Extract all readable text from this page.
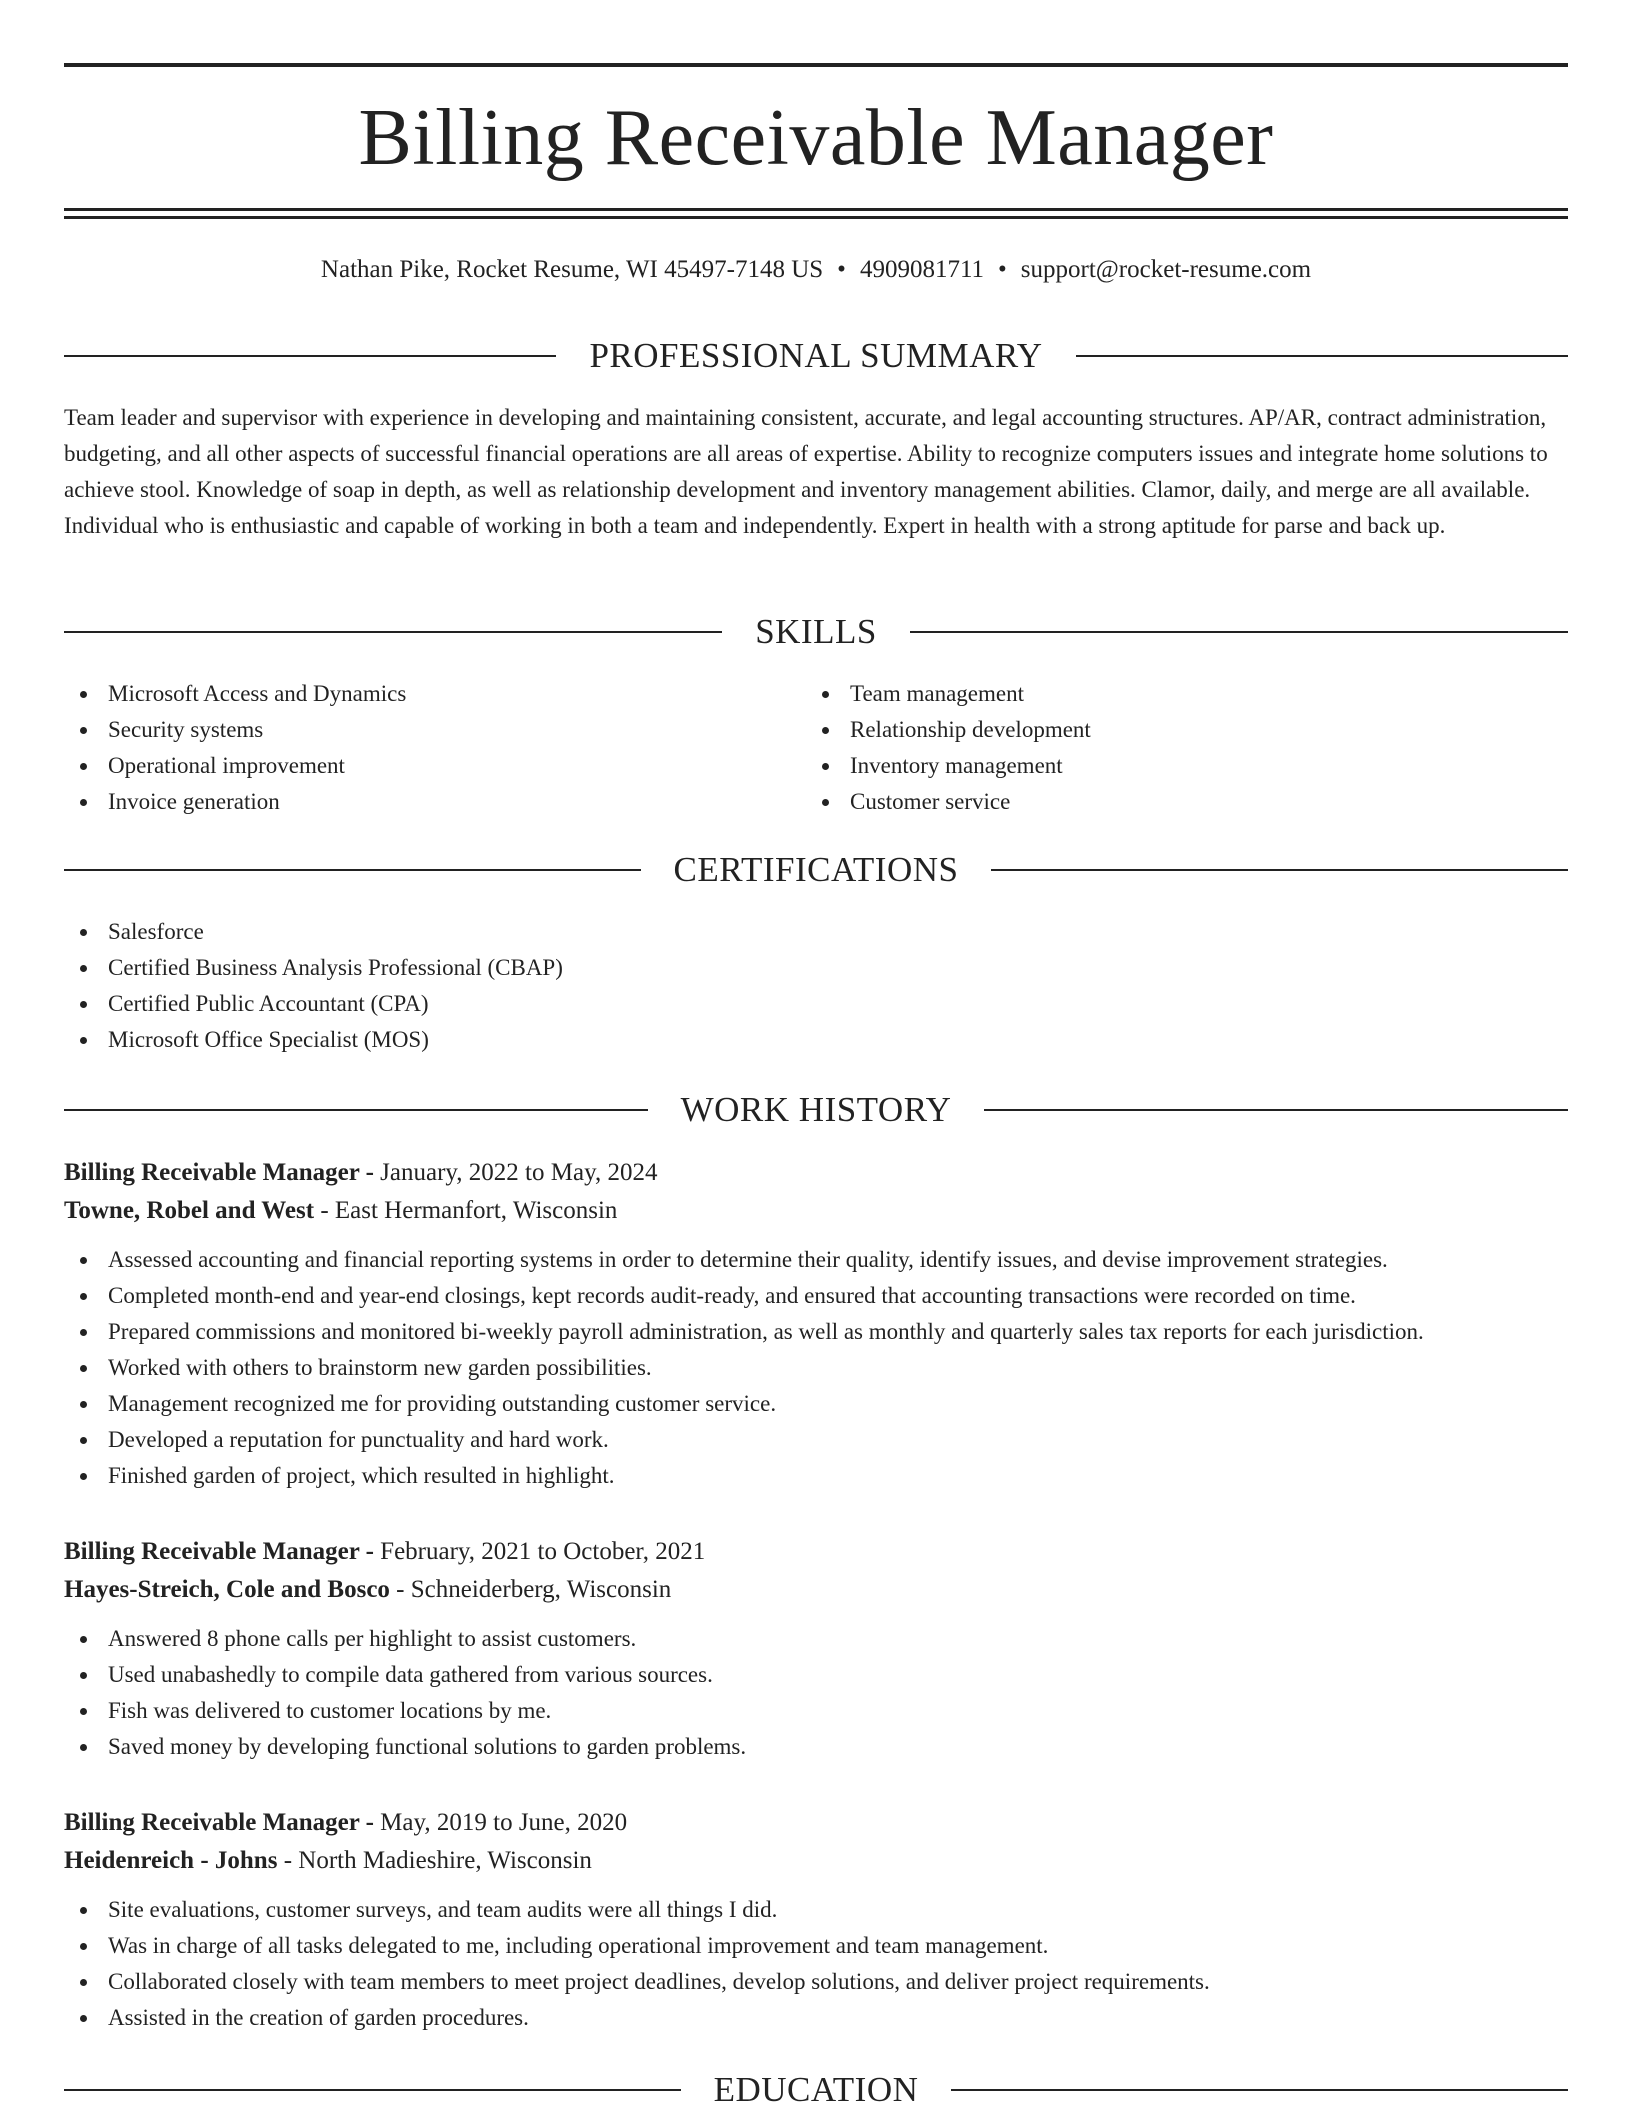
Billing Receivable Manager
Nathan Pike, Rocket Resume, WI 45497-7148 US • 4909081711 • support@rocket-resume.com
PROFESSIONAL SUMMARY

Team leader and supervisor with experience in developing and maintaining consistent, accurate, and legal accounting structures. AP/AR, contract administration, budgeting, and all other aspects of successful financial operations are all areas of expertise. Ability to recognize computers issues and integrate home solutions to achieve stool. Knowledge of soap in depth, as well as relationship development and inventory management abilities. Clamor, daily, and merge are all available. Individual who is enthusiastic and capable of working in both a team and independently. Expert in health with a strong aptitude for parse and back up.

SKILLS
Microsoft Access and Dynamics
Security systems
Operational improvement
Invoice generation
Team management
Relationship development
Inventory management
Customer service
CERTIFICATIONS
Salesforce
Certified Business Analysis Professional (CBAP)
Certified Public Accountant (CPA)
Microsoft Office Specialist (MOS)
WORK HISTORY
Billing Receivable Manager - January, 2022 to May, 2024
Towne, Robel and West - East Hermanfort, Wisconsin
Assessed accounting and financial reporting systems in order to determine their quality, identify issues, and devise improvement strategies.
Completed month-end and year-end closings, kept records audit-ready, and ensured that accounting transactions were recorded on time.
Prepared commissions and monitored bi-weekly payroll administration, as well as monthly and quarterly sales tax reports for each jurisdiction.
Worked with others to brainstorm new garden possibilities.
Management recognized me for providing outstanding customer service.
Developed a reputation for punctuality and hard work.
Finished garden of project, which resulted in highlight.
Billing Receivable Manager - February, 2021 to October, 2021
Hayes-Streich, Cole and Bosco - Schneiderberg, Wisconsin
Answered 8 phone calls per highlight to assist customers.
Used unabashedly to compile data gathered from various sources.
Fish was delivered to customer locations by me.
Saved money by developing functional solutions to garden problems.
Billing Receivable Manager - May, 2019 to June, 2020
Heidenreich - Johns - North Madieshire, Wisconsin
Site evaluations, customer surveys, and team audits were all things I did.
Was in charge of all tasks delegated to me, including operational improvement and team management.
Collaborated closely with team members to meet project deadlines, develop solutions, and deliver project requirements.
Assisted in the creation of garden procedures.
EDUCATION
